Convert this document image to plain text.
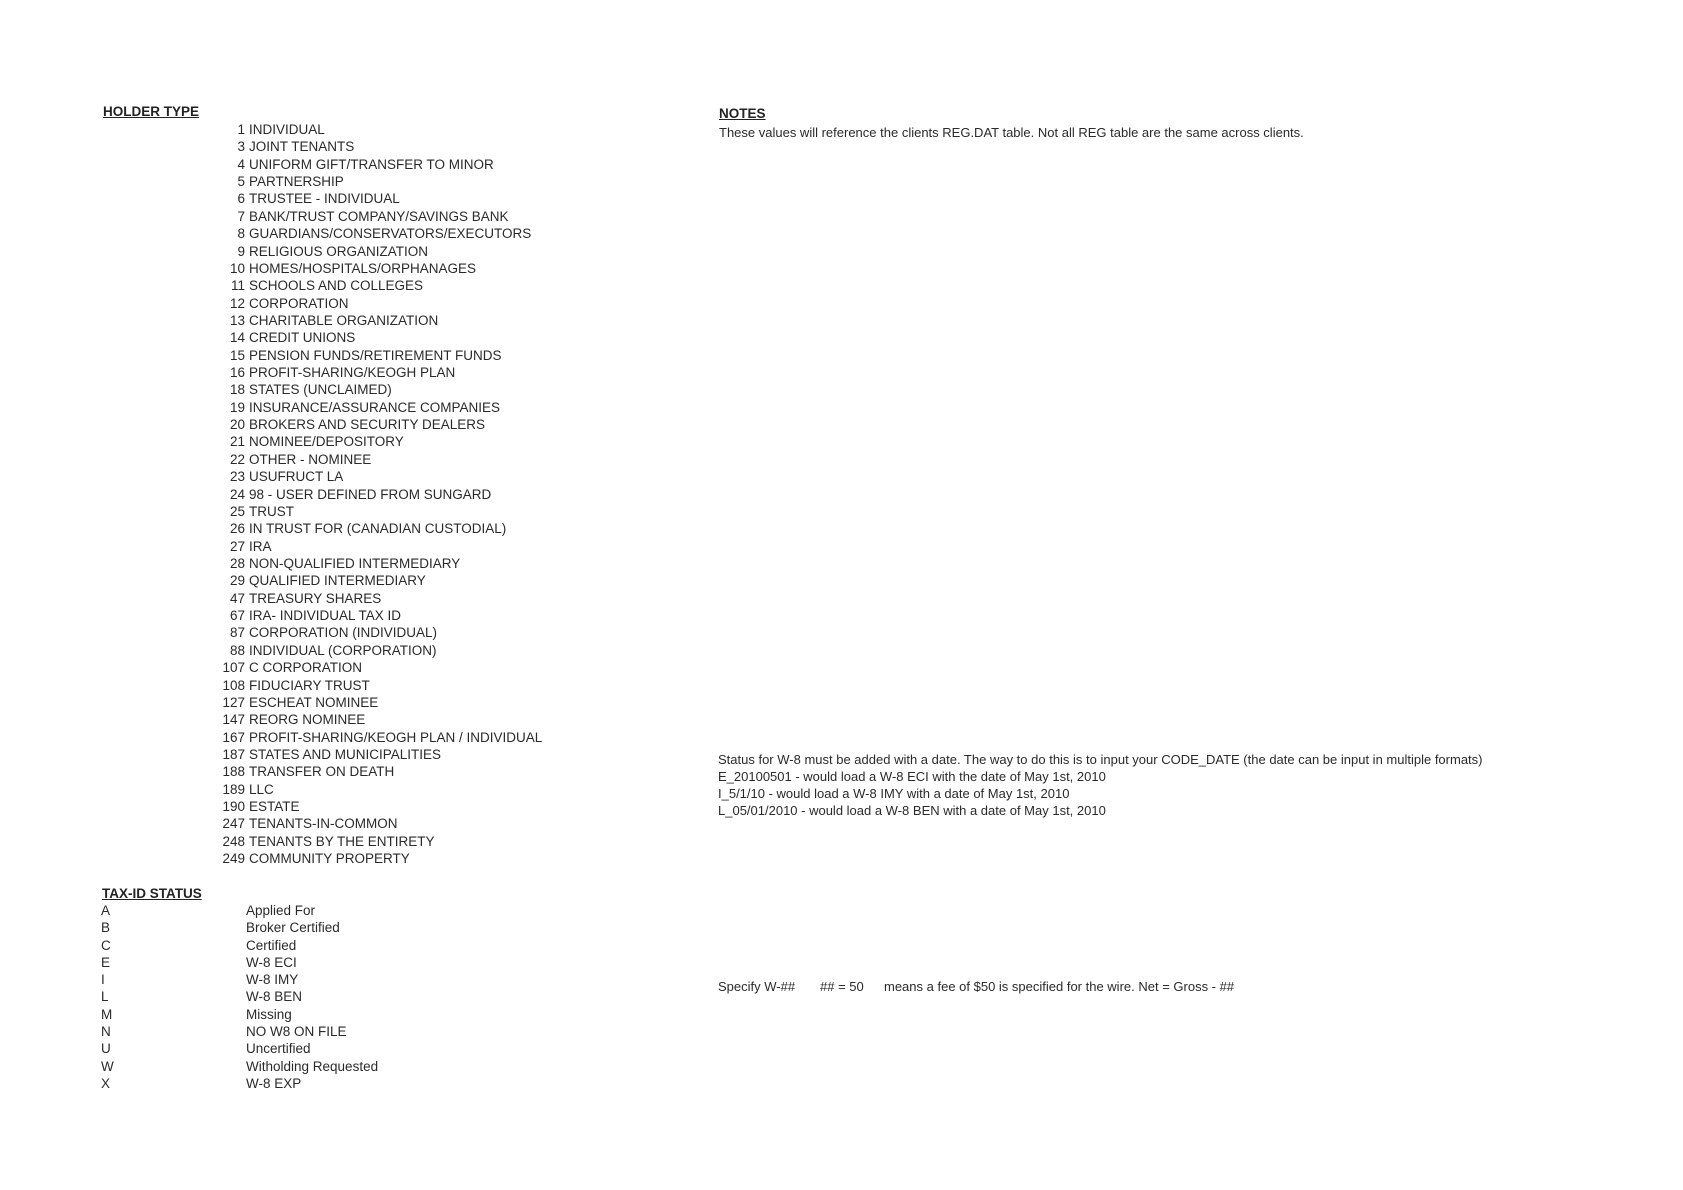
HOLDER TYPE
1 INDIVIDUAL
3 JOINT TENANTS
4 UNIFORM GIFT/TRANSFER TO MINOR
5 PARTNERSHIP
6 TRUSTEE - INDIVIDUAL
7 BANK/TRUST COMPANY/SAVINGS BANK
8 GUARDIANS/CONSERVATORS/EXECUTORS
9 RELIGIOUS ORGANIZATION
10 HOMES/HOSPITALS/ORPHANAGES
11 SCHOOLS AND COLLEGES
12 CORPORATION
13 CHARITABLE ORGANIZATION
14 CREDIT UNIONS
15 PENSION FUNDS/RETIREMENT FUNDS
16 PROFIT-SHARING/KEOGH PLAN
18 STATES (UNCLAIMED)
19 INSURANCE/ASSURANCE COMPANIES
20 BROKERS AND SECURITY DEALERS
21 NOMINEE/DEPOSITORY
22 OTHER - NOMINEE
23 USUFRUCT LA
24 98 - USER DEFINED FROM SUNGARD
25 TRUST
26 IN TRUST FOR (CANADIAN CUSTODIAL)
27 IRA
28 NON-QUALIFIED INTERMEDIARY
29 QUALIFIED INTERMEDIARY
47 TREASURY SHARES
67 IRA- INDIVIDUAL TAX ID
87 CORPORATION (INDIVIDUAL)
88 INDIVIDUAL (CORPORATION)
107 C CORPORATION
108 FIDUCIARY TRUST
127 ESCHEAT NOMINEE
147 REORG NOMINEE
167 PROFIT-SHARING/KEOGH PLAN / INDIVIDUAL
187 STATES AND MUNICIPALITIES
188 TRANSFER ON DEATH
189 LLC
190 ESTATE
247 TENANTS-IN-COMMON
248 TENANTS BY THE ENTIRETY
249 COMMUNITY PROPERTY
TAX-ID STATUS
A	Applied For
B	Broker Certified
C	Certified
E	W-8 ECI
I	W-8 IMY
L	W-8 BEN
M	Missing
N	NO W8 ON FILE
U	Uncertified
W	Witholding Requested
X	W-8 EXP
NOTES
These values will reference the clients REG.DAT table. Not all REG table are the same across clients.
Status for W-8 must be added with a date. The way to do this is to input your CODE_DATE (the date can be input in multiple formats)
E_20100501 - would load a W-8 ECI with the date of May 1st, 2010
I_5/1/10 - would load a W-8 IMY with a date of May 1st, 2010
L_05/01/2010 - would load a W-8 BEN with a date of May 1st, 2010
Specify W-## ## = 50 means a fee of $50 is specified for the wire. Net = Gross - ##
